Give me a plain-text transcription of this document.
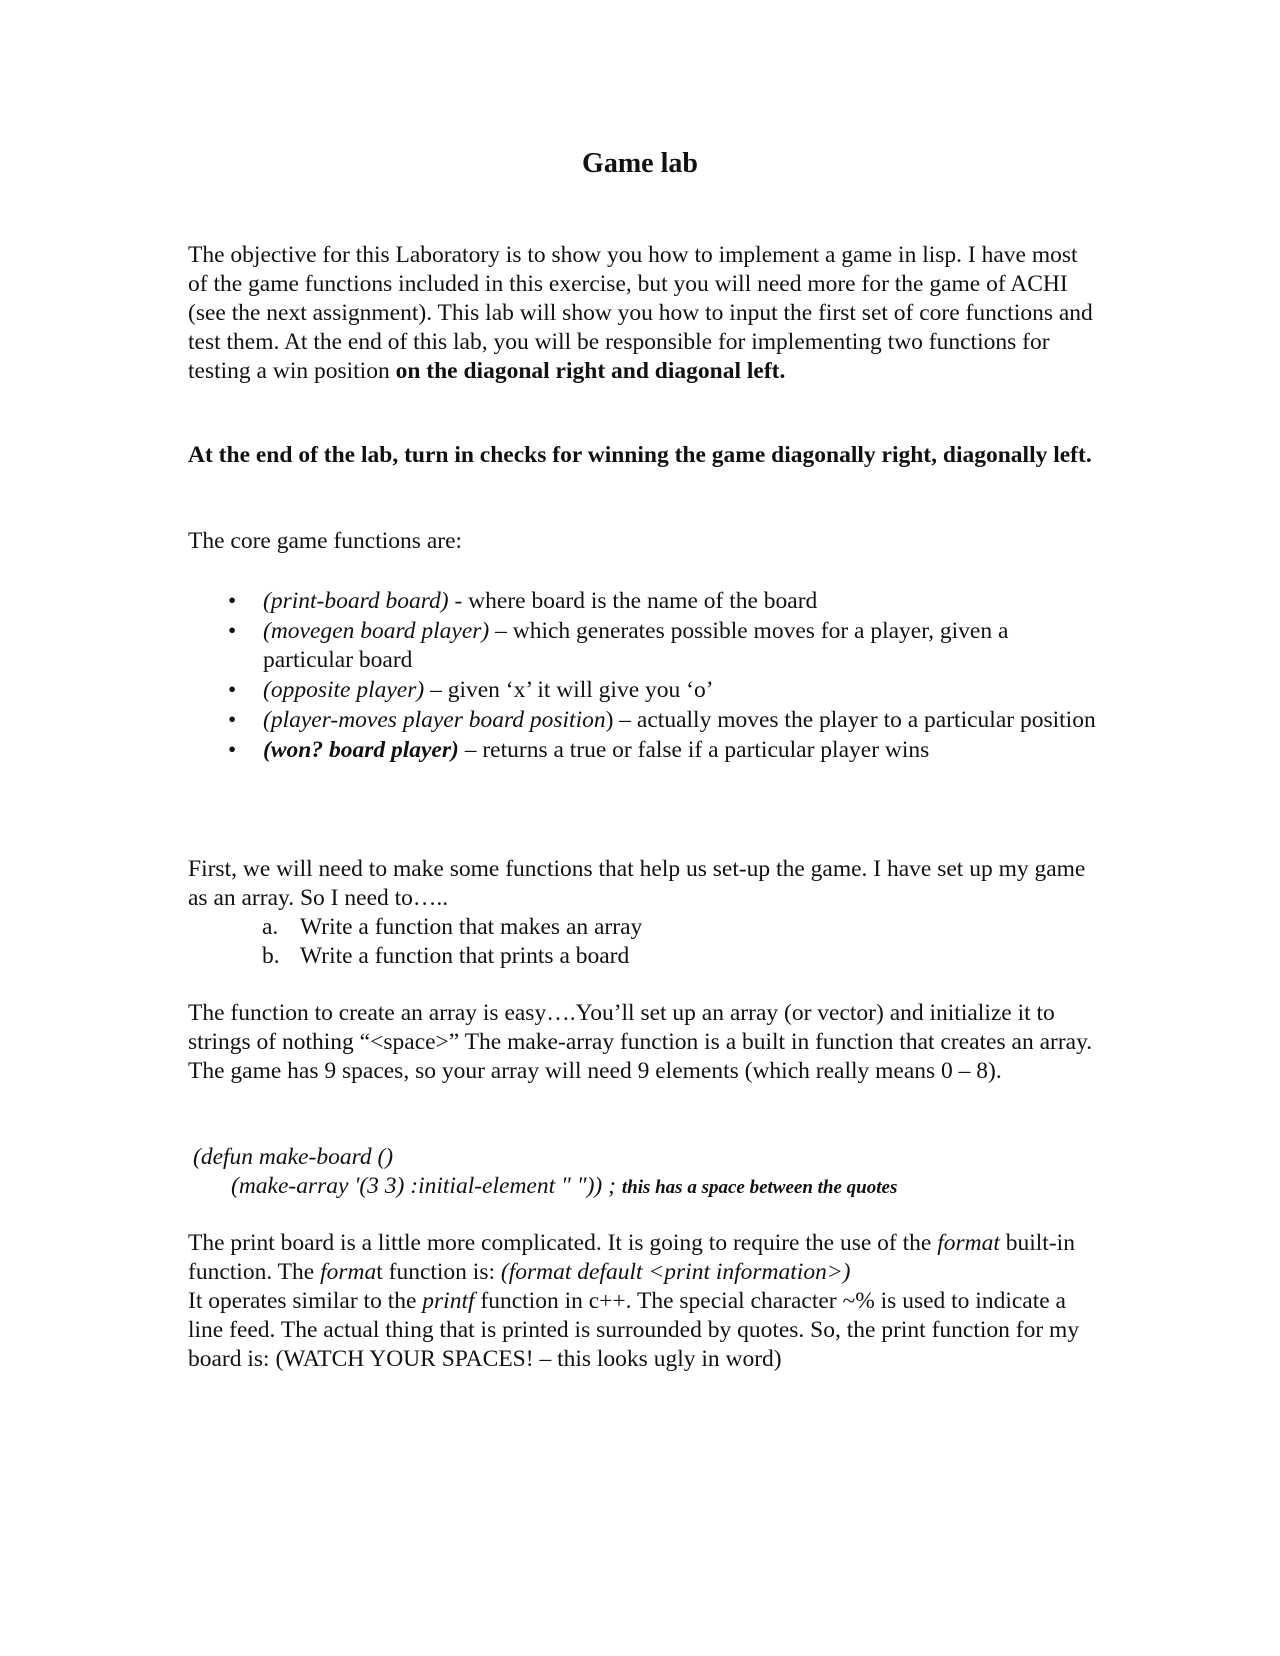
Game lab
The objective for this Laboratory is to show you how to implement a game in lisp. I have most of the game functions included in this exercise, but you will need more for the game of ACHI (see the next assignment). This lab will show you how to input the first set of core functions and test them. At the end of this lab, you will be responsible for implementing two functions for testing a win position on the diagonal right and diagonal left.
At the end of the lab, turn in checks for winning the game diagonally right, diagonally left.
The core game functions are:
• (print-board board) - where board is the name of the board
• (movegen board player) – which generates possible moves for a player, given a particular board
• (opposite player) – given ‘x’ it will give you ‘o’
• (player-moves player board position) – actually moves the player to a particular position
• (won? board player) – returns a true or false if a particular player wins
First, we will need to make some functions that help us set-up the game. I have set up my game as an array. So I need to…..
a. Write a function that makes an array
b. Write a function that prints a board
The function to create an array is easy….You’ll set up an array (or vector) and initialize it to strings of nothing “<space>” The make-array function is a built in function that creates an array. The game has 9 spaces, so your array will need 9 elements (which really means 0 – 8).
(defun make-board ()
(make-array '(3 3) :initial-element " ")) ; this has a space between the quotes
The print board is a little more complicated. It is going to require the use of the format built-in function. The format function is: (format default <print information>)
It operates similar to the printf function in c++. The special character ~% is used to indicate a line feed. The actual thing that is printed is surrounded by quotes. So, the print function for my board is: (WATCH YOUR SPACES! – this looks ugly in word)
